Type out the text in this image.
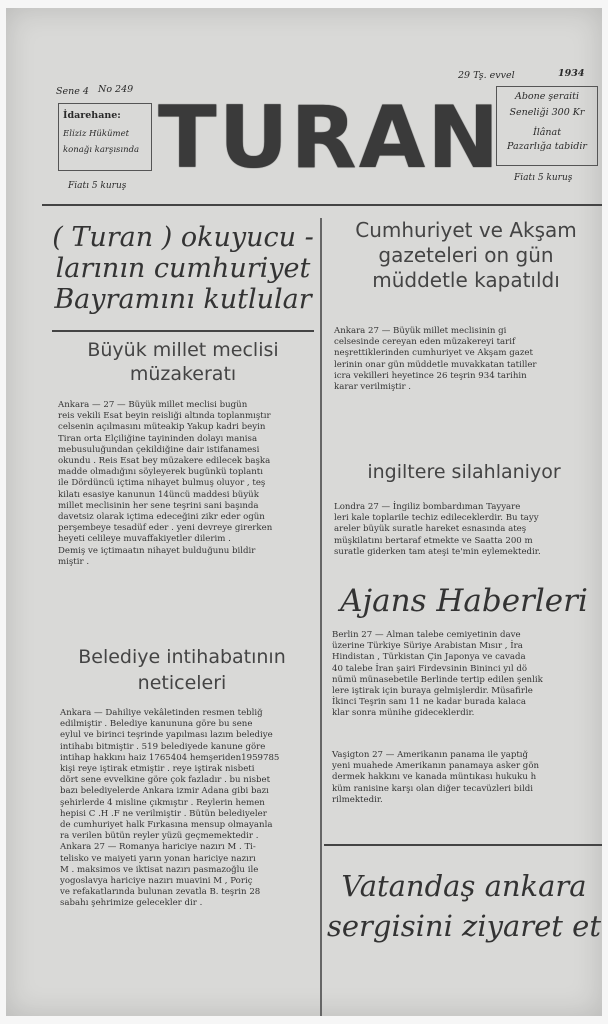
Sene 4 No 249
29 Tş. evvel	1934
İdarehane:
Eli̇ziz Hükümet
konağı karşısında TURAN	Abone şeraiti
Seneliği 300 Kr
İlânat
Pazarlığa tabidir
Fiatı 5 kuruş
Fiatı 5 kuruş
( Turan ) okuyucu -
larının cumhuriyet
Bayramını kutlular
Büyük millet meclisi
müzakeratı
Ankara — 27 — Büyük millet meclisi bugün
reis vekili Esat beyin reisliği altında toplanmıştır
celsenin açılmasını müteakip Yakup kadri beyin
Tiran orta Elçiliğine tayininden dolayı manisa
mebusuluğundan çekildiğine dair istifanamesi
okundu . Reis Esat bey müzakere edilecek başka
madde olmadığını söyleyerek bugünkü toplantı
ile Dördüncü içtima nihayet bulmuş oluyor , teş
kilatı esasiye kanunun 14üncü maddesi büyük
millet meclisinin her sene teşrini sani başında
davetsiz olarak içtima edeceğini zikr eder ogün
perşembeye tesadüf eder . yeni devreye girerken
heyeti celileye muvaffakiyetler dilerim .
Demiş ve içtimaatın nihayet bulduğunu bildir
miştir .
Belediye intihabatının
neticeleri
Ankara — Dahiliye vekâletinden resmen tebliğ
edilmiştir . Belediye kanununa göre bu sene
eylul ve birinci teşrinde yapılması lazım belediye
intihabı bitmiştir . 519 belediyede kanune göre
intihap hakkını haiz 1765404 hemşeriden1959785
kişi reye iştirak etmiştir . reye iştirak nisbeti
dört sene evvelkine göre çok fazladır . bu nisbet
bazı belediyelerde Ankara izmir Adana gibi bazı
şehirlerde 4 misline çıkmıştır . Reylerin hemen
hepisi C .H .F ne verilmiştir . Bütün belediyeler
de cumhuriyet halk Fırkasına mensup olmayanla
ra verilen bütün reyler yüzü geçmemektedir .
Ankara 27 — Romanya hariciye nazırı M . Ti-
telisko ve maiyeti yarın yonan hariciye nazırı
M . maksimos ve iktisat nazırı pasmazoğlu ile
yogoslavya hariciye nazırı muavini M , Poriç
ve refakatlarında bulunan zevatla B. teşrin 28
sabahı şehrimize gelecekler dir .
Cumhuriyet ve Akşam
gazeteleri on gün
müddetle kapatıldı
Ankara 27 — Büyük millet meclisinin gi
celsesinde cereyan eden müzakereyi tarif
neşrettiklerinden cumhuriyet ve Akşam gazet
lerinin onar gün müddetle muvakkatan tatiller
icra vekilleri heyetince 26 teşrin 934 tarihin
karar verilmiştir .
ingiltere silahlaniyor
Londra 27 — İngiliz bombardıman Tayyare
leri kale toplarile techiz edileceklerdir. Bu tayy
areler büyük suratle hareket esnasında ateş
müşkilatını bertaraf etmekte ve Saatta 200 m
suratle giderken tam ateşi te'min eylemektedir.
Ajans Haberleri
Berlin 27 — Alman talebe cemiyetinin dave
üzerine Türkiye Süriye Arabistan Mısır , İra
Hindistan , Türkistan Çin Japonya ve cavada
40 talebe İran şairi Firdevsinin Bininci yıl dö
nümü münasebetile Berlinde tertip edilen şenlik
lere iştirak için buraya gelmişlerdir. Müsafirle
İkinci Teşrin sanı 11 ne kadar burada kalaca
klar sonra münihe gideceklerdir.
Vaşigton 27 — Amerikanın panama ile yaptığ
yeni muahede Amerikanın panamaya asker gön
dermek hakkını ve kanada müntıkası hukuku h
küm ranisine karşı olan diğer tecavüzleri bildi
rilmektedir.
Vatandaş ankara
sergisini ziyaret et
